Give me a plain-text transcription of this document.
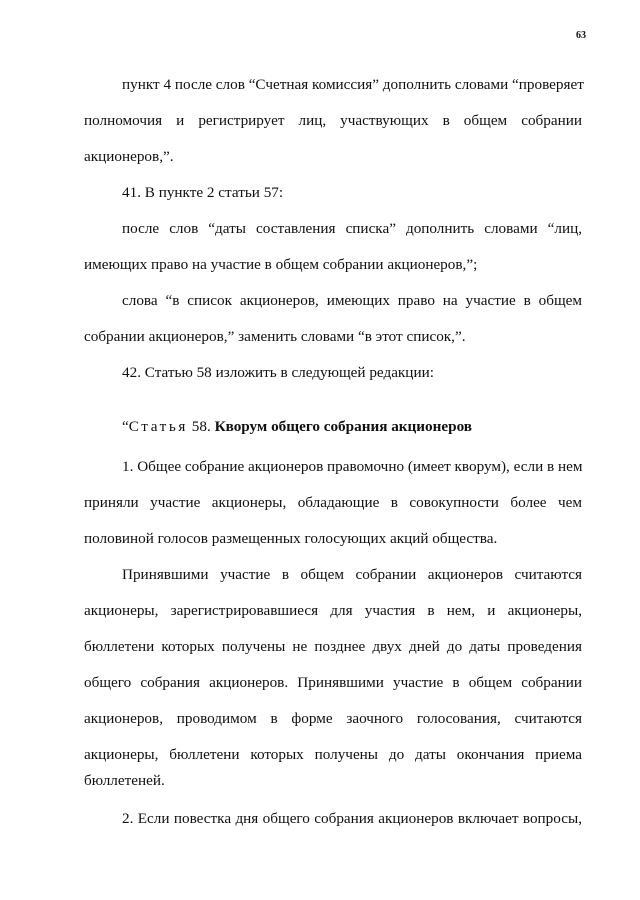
63
пункт 4 после слов “Счетная комиссия” дополнить словами “проверяет
полномочия и регистрирует лиц, участвующих в общем собрании
акционеров,”.
41. В пункте 2 статьи 57:
после слов “даты составления списка” дополнить словами “лиц,
имеющих право на участие в общем собрании акционеров,”;
слова “в список акционеров, имеющих право на участие в общем
собрании акционеров,” заменить словами “в этот список,”.
42. Статью 58 изложить в следующей редакции:
“Статья 58. Кворум общего собрания акционеров
1. Общее собрание акционеров правомочно (имеет кворум), если в нем
приняли участие акционеры, обладающие в совокупности более чем
половиной голосов размещенных голосующих акций общества.
Принявшими участие в общем собрании акционеров считаются
акционеры, зарегистрировавшиеся для участия в нем, и акционеры,
бюллетени которых получены не позднее двух дней до даты проведения
общего собрания акционеров. Принявшими участие в общем собрании
акционеров, проводимом в форме заочного голосования, считаются
акционеры, бюллетени которых получены до даты окончания приема
бюллетеней.
2. Если повестка дня общего собрания акционеров включает вопросы,
